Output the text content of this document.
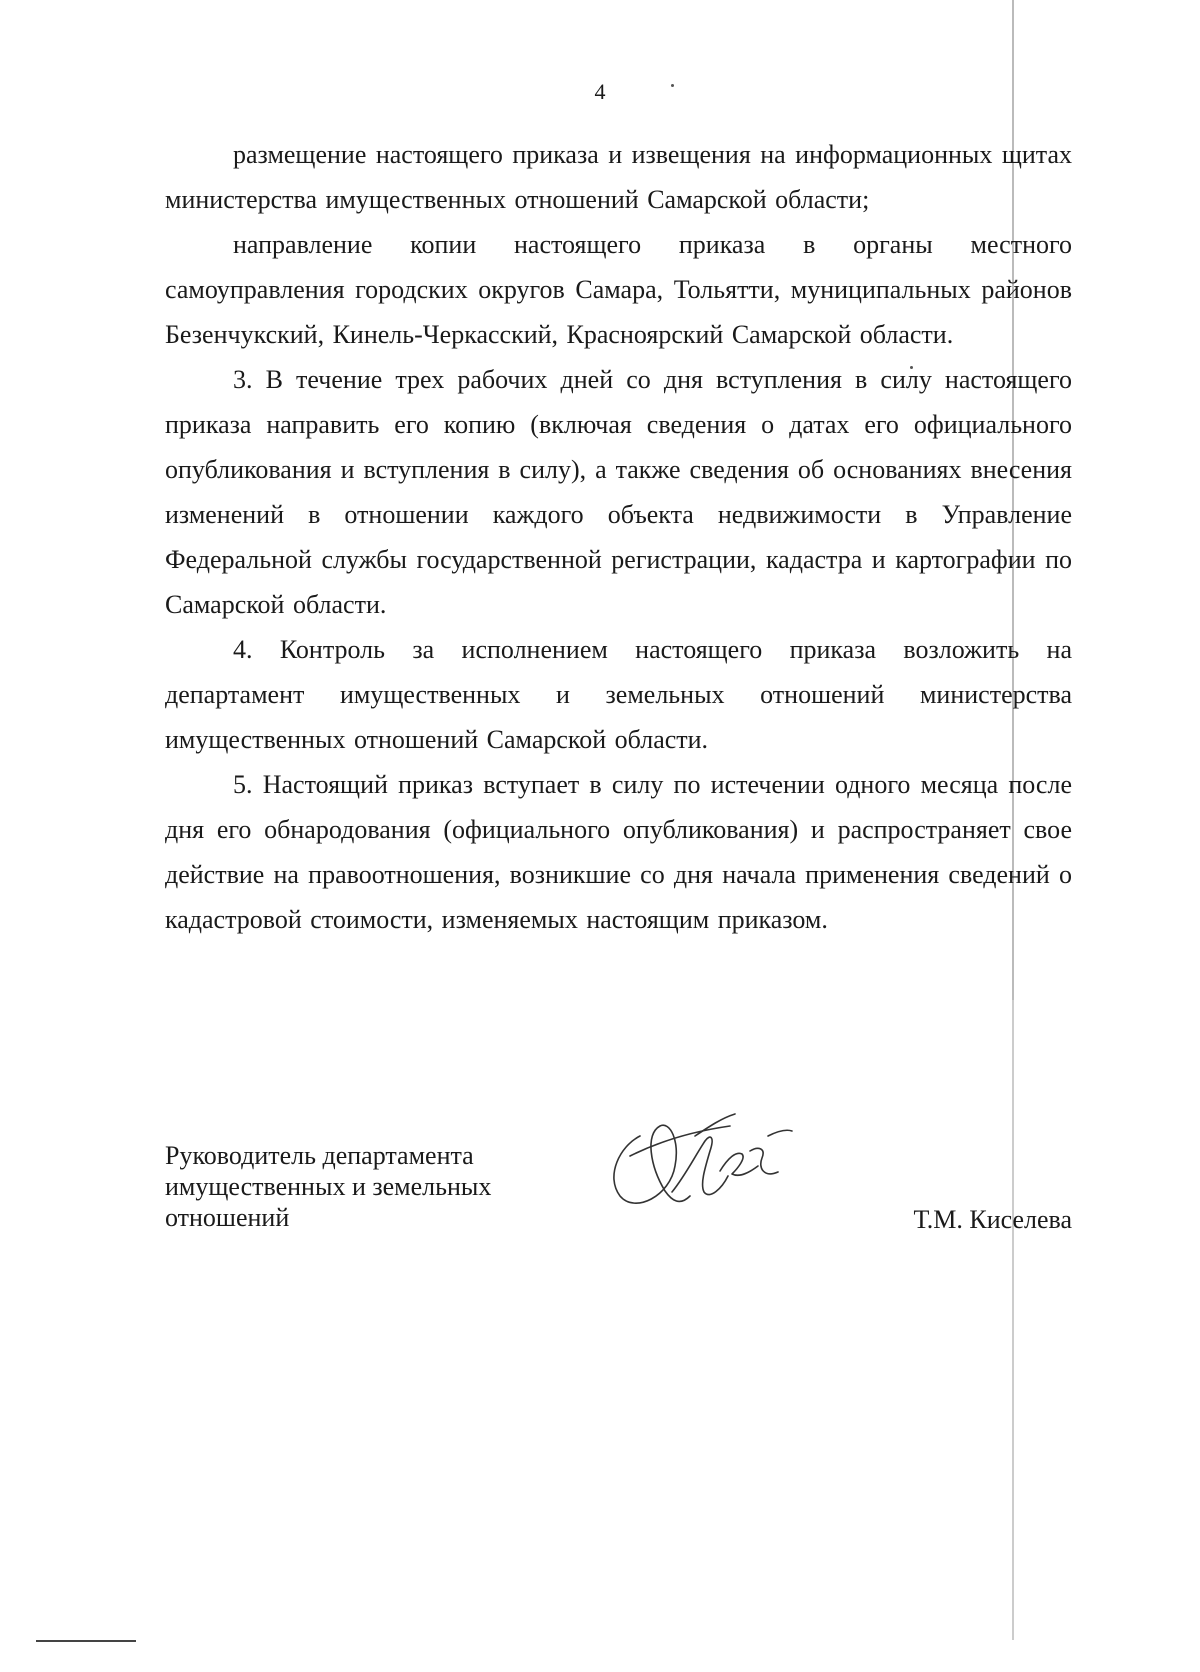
4

размещение настоящего приказа и извещения на информационных щитах министерства имущественных отношений Самарской области;

направление копии настоящего приказа в органы местного самоуправления городских округов Самара, Тольятти, муниципальных районов Безенчукский, Кинель-Черкасский, Красноярский Самарской области.

3. В течение трех рабочих дней со дня вступления в силу настоящего приказа направить его копию (включая сведения о датах его официального опубликования и вступления в силу), а также сведения об основаниях внесения изменений в отношении каждого объекта недвижимости в Управление Федеральной службы государственной регистрации, кадастра и картографии по Самарской области.

4. Контроль за исполнением настоящего приказа возложить на департамент имущественных и земельных отношений министерства имущественных отношений Самарской области.

5. Настоящий приказ вступает в силу по истечении одного месяца после дня его обнародования (официального опубликования) и распространяет свое действие на правоотношения, возникшие со дня начала применения сведений о кадастровой стоимости, изменяемых настоящим приказом.

Руководитель департамента
имущественных и земельных
отношений	Т.М. Киселева
